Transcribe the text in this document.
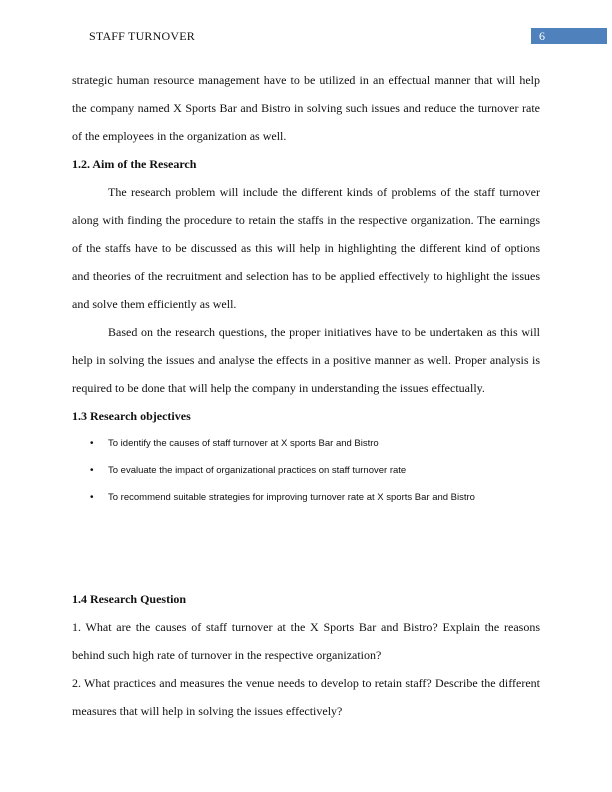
STAFF TURNOVER	6

strategic human resource management have to be utilized in an effectual manner that will help the company named X Sports Bar and Bistro in solving such issues and reduce the turnover rate of the employees in the organization as well.

1.2. Aim of the Research

The research problem will include the different kinds of problems of the staff turnover along with finding the procedure to retain the staffs in the respective organization. The earnings of the staffs have to be discussed as this will help in highlighting the different kind of options and theories of the recruitment and selection has to be applied effectively to highlight the issues and solve them efficiently as well.

Based on the research questions, the proper initiatives have to be undertaken as this will help in solving the issues and analyse the effects in a positive manner as well. Proper analysis is required to be done that will help the company in understanding the issues effectually.

1.3 Research objectives

• To identify the causes of staff turnover at X sports Bar and Bistro
• To evaluate the impact of organizational practices on staff turnover rate
• To recommend suitable strategies for improving turnover rate at X sports Bar and Bistro

1.4 Research Question

1. What are the causes of staff turnover at the X Sports Bar and Bistro? Explain the reasons behind such high rate of turnover in the respective organization?

2. What practices and measures the venue needs to develop to retain staff? Describe the different measures that will help in solving the issues effectively?
